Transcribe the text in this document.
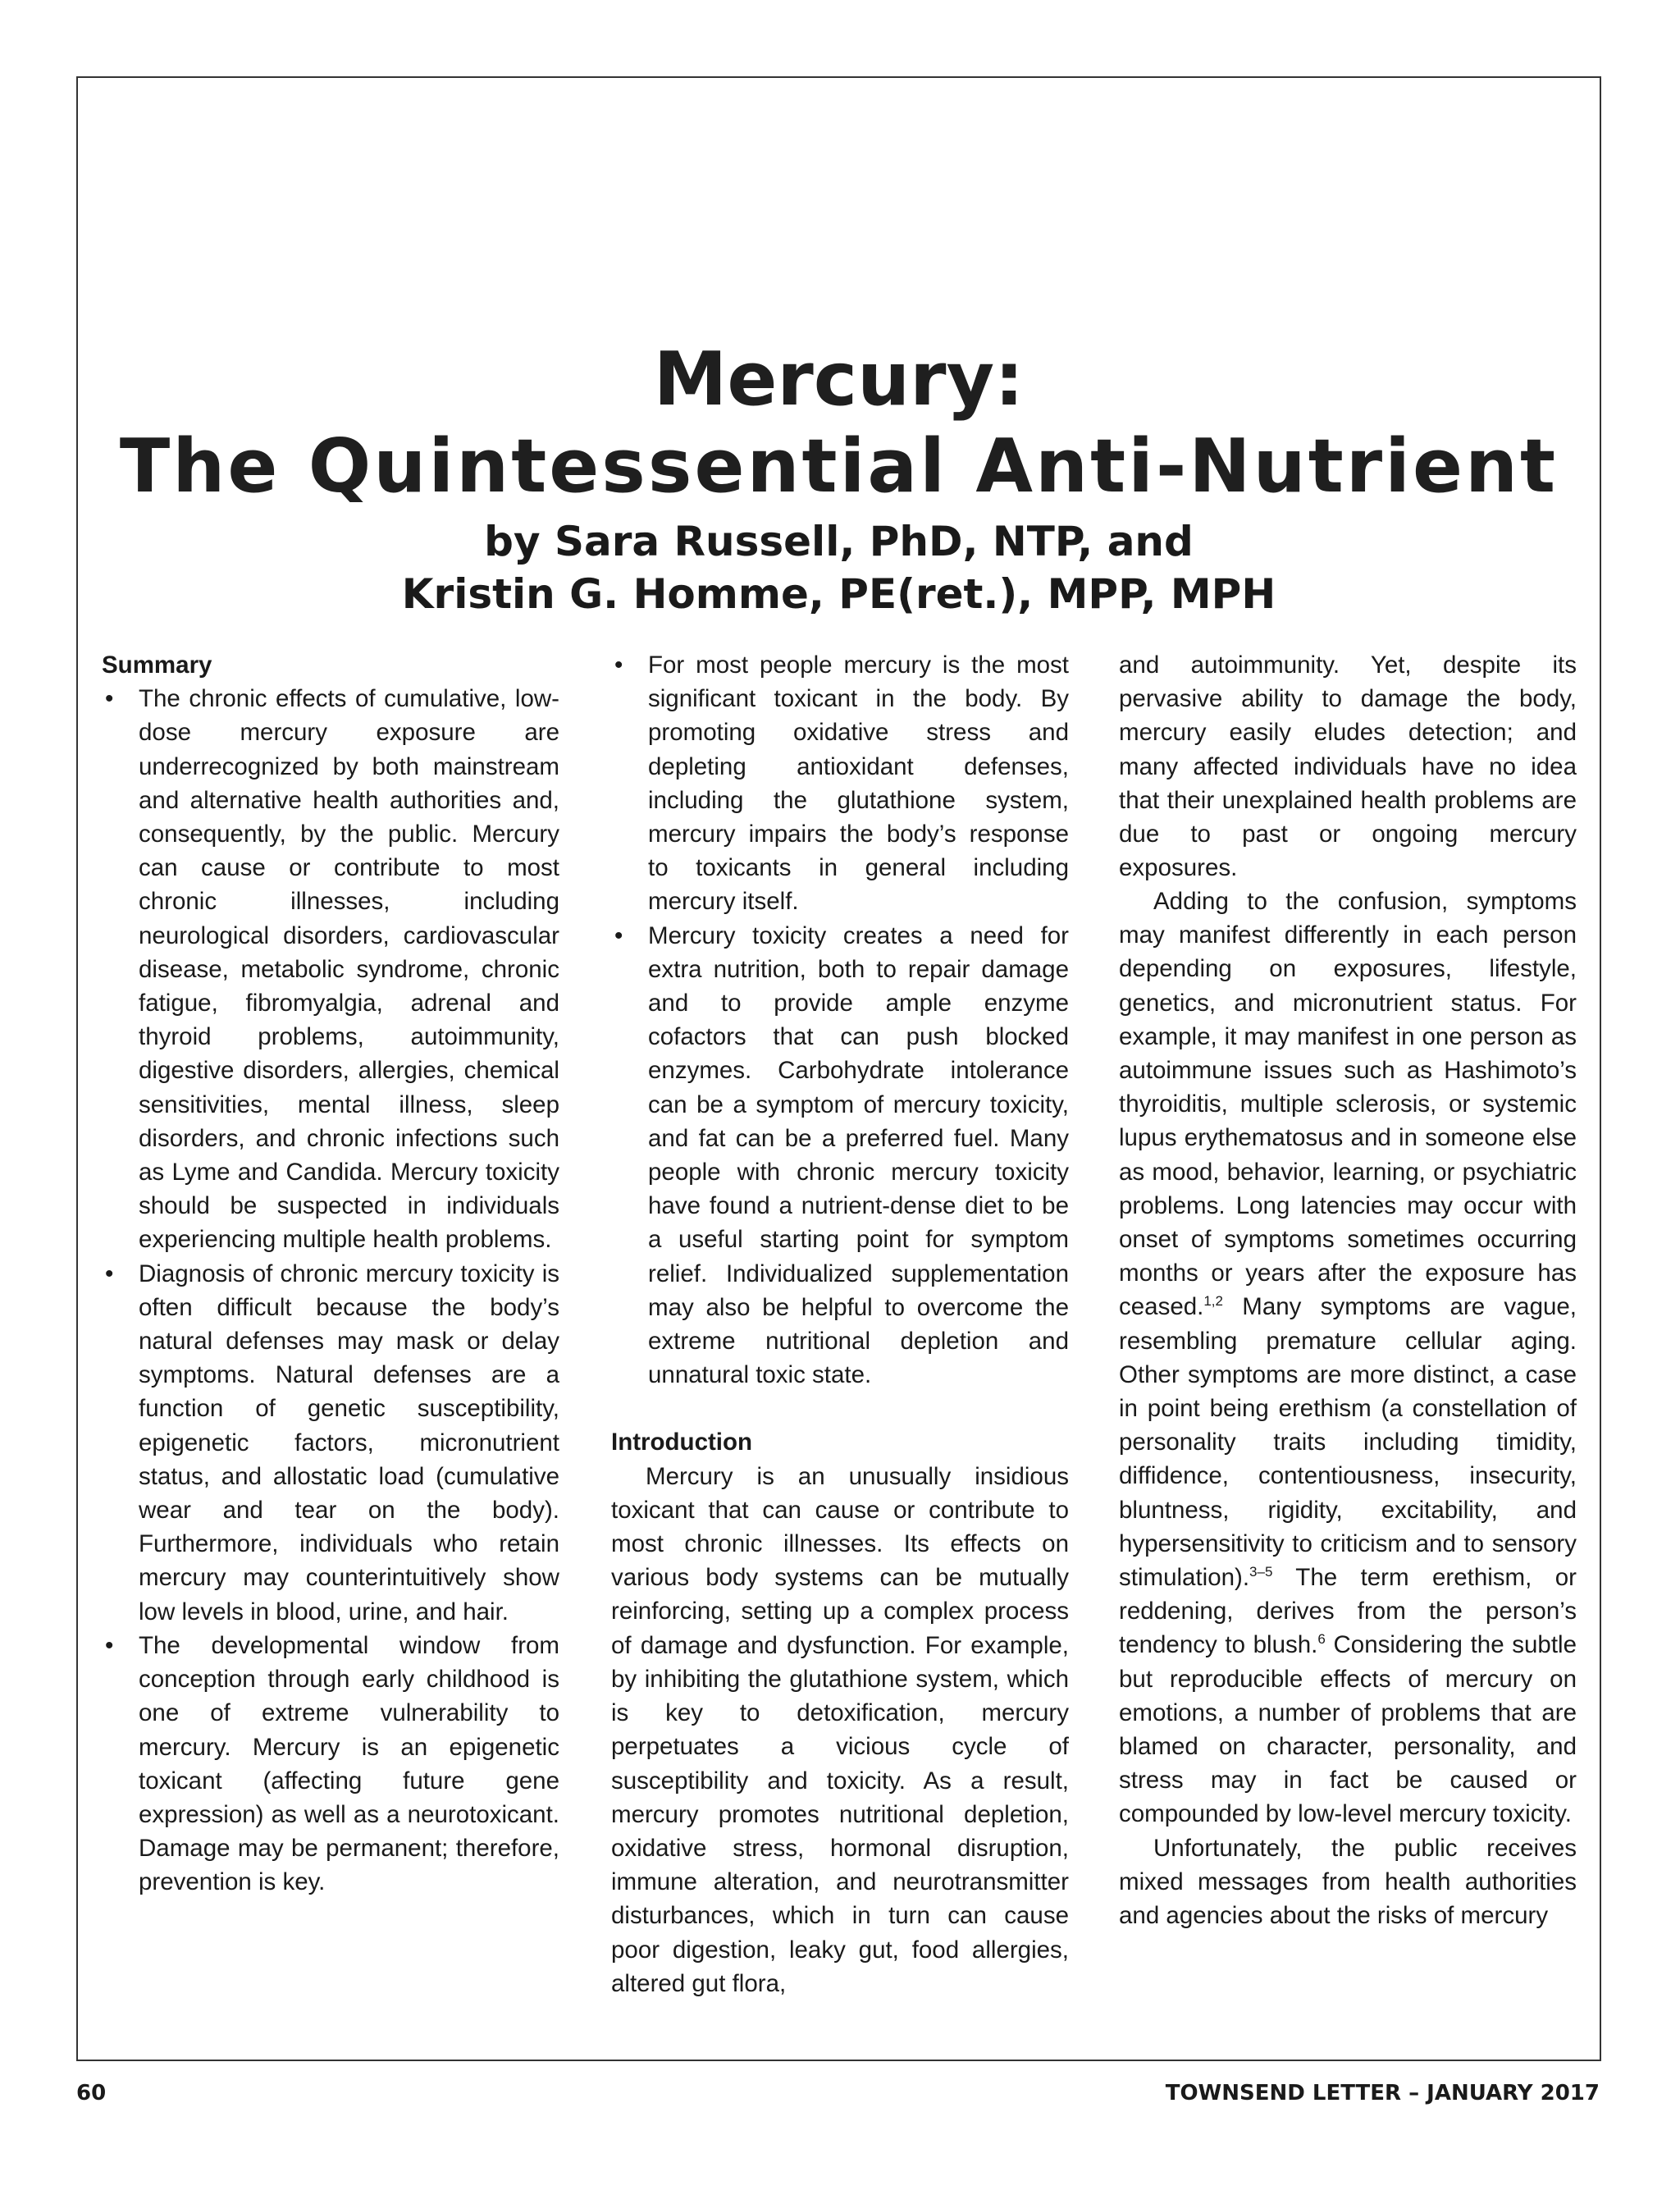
Mercury:
The Quintessential Anti-Nutrient
by Sara Russell, PhD, NTP, and
Kristin G. Homme, PE(ret.), MPP, MPH
Summary
• The chronic effects of cumulative, low-dose mercury exposure are underrecognized by both mainstream and alternative health authorities and, consequently, by the public. Mercury can cause or contribute to most chronic illnesses, including neurological disorders, cardiovascular disease, metabolic syndrome, chronic fatigue, fibromyalgia, adrenal and thyroid problems, autoimmunity, digestive disorders, allergies, chemical sensitivities, mental illness, sleep disorders, and chronic infections such as Lyme and Candida. Mercury toxicity should be suspected in individuals experiencing multiple health problems.
• Diagnosis of chronic mercury toxicity is often difficult because the body’s natural defenses may mask or delay symptoms. Natural defenses are a function of genetic susceptibility, epigenetic factors, micronutrient status, and allostatic load (cumulative wear and tear on the body). Furthermore, individuals who retain mercury may counterintuitively show low levels in blood, urine, and hair.
• The developmental window from conception through early childhood is one of extreme vulnerability to mercury. Mercury is an epigenetic toxicant (affecting future gene expression) as well as a neurotoxicant. Damage may be permanent; therefore, prevention is key.
• For most people mercury is the most significant toxicant in the body. By promoting oxidative stress and depleting antioxidant defenses, including the glutathione system, mercury impairs the body’s response to toxicants in general including mercury itself.
• Mercury toxicity creates a need for extra nutrition, both to repair damage and to provide ample enzyme cofactors that can push blocked enzymes. Carbohydrate intolerance can be a symptom of mercury toxicity, and fat can be a preferred fuel. Many people with chronic mercury toxicity have found a nutrient-dense diet to be a useful starting point for symptom relief. Individualized supplementation may also be helpful to overcome the extreme nutritional depletion and unnatural toxic state.
Introduction

Mercury is an unusually insidious toxicant that can cause or contribute to most chronic illnesses. Its effects on various body systems can be mutually reinforcing, setting up a complex process of damage and dysfunction. For example, by inhibiting the glutathione system, which is key to detoxification, mercury perpetuates a vicious cycle of susceptibility and toxicity. As a result, mercury promotes nutritional depletion, oxidative stress, hormonal disruption, immune alteration, and neurotransmitter disturbances, which in turn can cause poor digestion, leaky gut, food allergies, altered gut flora,

and autoimmunity. Yet, despite its pervasive ability to damage the body, mercury easily eludes detection; and many affected individuals have no idea that their unexplained health problems are due to past or ongoing mercury exposures.

Adding to the confusion, symptoms may manifest differently in each person depending on exposures, lifestyle, genetics, and micronutrient status. For example, it may manifest in one person as autoimmune issues such as Hashimoto’s thyroiditis, multiple sclerosis, or systemic lupus erythematosus and in someone else as mood, behavior, learning, or psychiatric problems. Long latencies may occur with onset of symptoms sometimes occurring months or years after the exposure has ceased.$^{1,2}$ Many symptoms are vague, resembling premature cellular aging. Other symptoms are more distinct, a case in point being erethism (a constellation of personality traits including timidity, diffidence, contentiousness, insecurity, bluntness, rigidity, excitability, and hypersensitivity to criticism and to sensory stimulation).$^{3-5}$ The term erethism, or reddening, derives from the person’s tendency to blush.$^6$ Considering the subtle but reproducible effects of mercury on emotions, a number of problems that are blamed on character, personality, and stress may in fact be caused or compounded by low-level mercury toxicity.

Unfortunately, the public receives mixed messages from health authorities and agencies about the risks of mercury

60	TOWNSEND LETTER – JANUARY 2017
